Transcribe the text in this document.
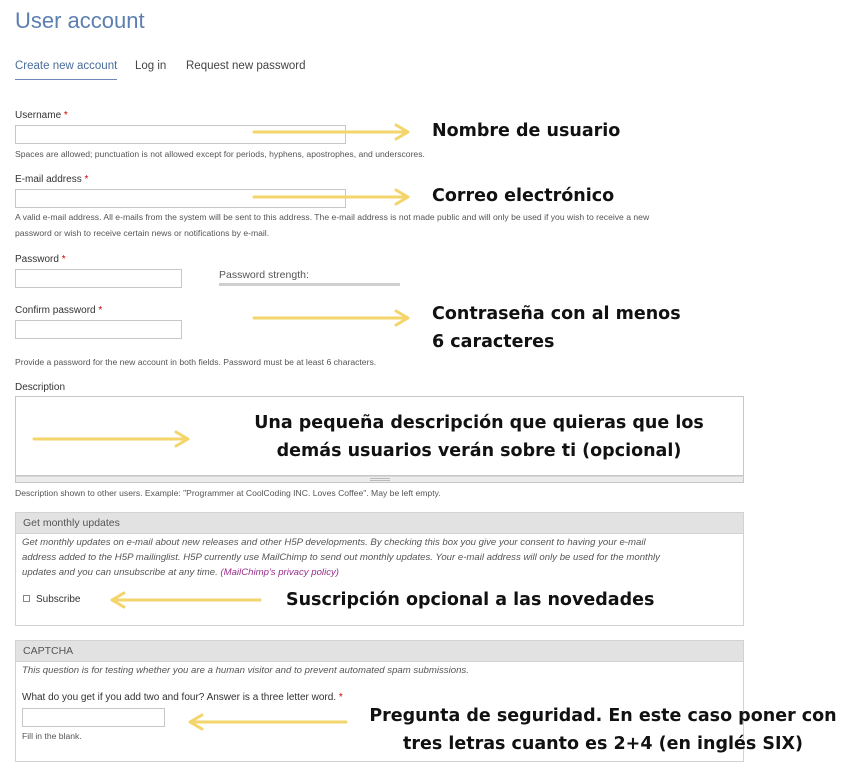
User account
Create new account Log in Request new password
Username *
Spaces are allowed; punctuation is not allowed except for periods, hyphens, apostrophes, and underscores.
E-mail address *
A valid e-mail address. All e-mails from the system will be sent to this address. The e-mail address is not made public and will only be used if you wish to receive a new
password or wish to receive certain news or notifications by e-mail.
Password *
Password strength:
Confirm password *
Provide a password for the new account in both fields. Password must be at least 6 characters.
Description
Description shown to other users. Example: "Programmer at CoolCoding INC. Loves Coffee". May be left empty.
Get monthly updates
Get monthly updates on e-mail about new releases and other H5P developments. By checking this box you give your consent to having your e-mail
address added to the H5P mailinglist. H5P currently use MailChimp to send out monthly updates. Your e-mail address will only be used for the monthly
updates and you can unsubscribe at any time. (MailChimp's privacy policy)
Subscribe
CAPTCHA
This question is for testing whether you are a human visitor and to prevent automated spam submissions.
What do you get if you add two and four? Answer is a three letter word. *
Fill in the blank.
Nombre de usuario
Correo electrónico
Contraseña con al menos
6 caracteres
Una pequeña descripción que quieras que los
demás usuarios verán sobre ti (opcional)
Suscripción opcional a las novedades
Pregunta de seguridad. En este caso poner con
tres letras cuanto es 2+4 (en inglés SIX)
